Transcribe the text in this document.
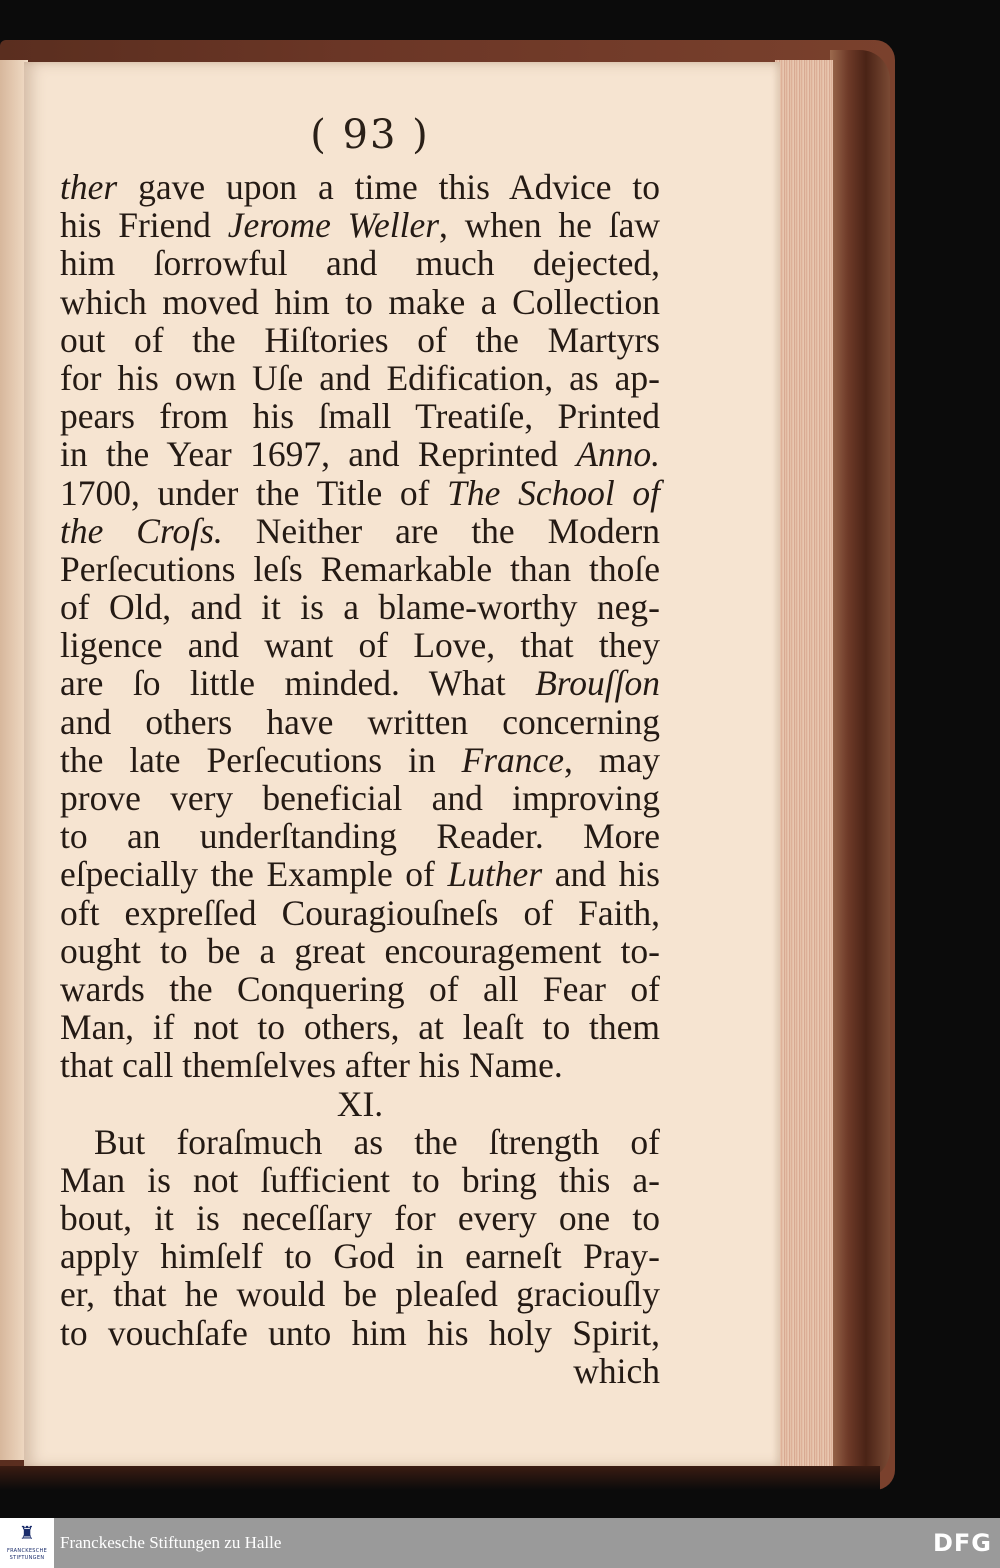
( 93 )
ther gave upon a time this Advice to
his Friend Jerome Weller, when he ſaw
him ſorrowful and much dejected,
which moved him to make a Collection
out of the Hiſtories of the Martyrs
for his own Uſe and Edification, as ap-
pears from his ſmall Treatiſe, Printed
in the Year 1697, and Reprinted Anno.
1700, under the Title of The School of
the Croſs. Neither are the Modern
Perſecutions leſs Remarkable than thoſe
of Old, and it is a blame-worthy neg-
ligence and want of Love, that they
are ſo little minded. What Brouſſon
and others have written concerning
the late Perſecutions in France, may
prove very beneficial and improving
to an underſtanding Reader. More
eſpecially the Example of Luther and his
oft expreſſed Couragiouſneſs of Faith,
ought to be a great encouragement to-
wards the Conquering of all Fear of
Man, if not to others, at leaſt to them
that call themſelves after his Name.
XI.
But foraſmuch as the ſtrength of
Man is not ſufficient to bring this a-
bout, it is neceſſary for every one to
apply himſelf to God in earneſt Pray-
er, that he would be pleaſed graciouſly
to vouchſafe unto him his holy Spirit,
which
♜
FRANCKESCHE STIFTUNGEN
Franckesche Stiftungen zu Halle	DFG
